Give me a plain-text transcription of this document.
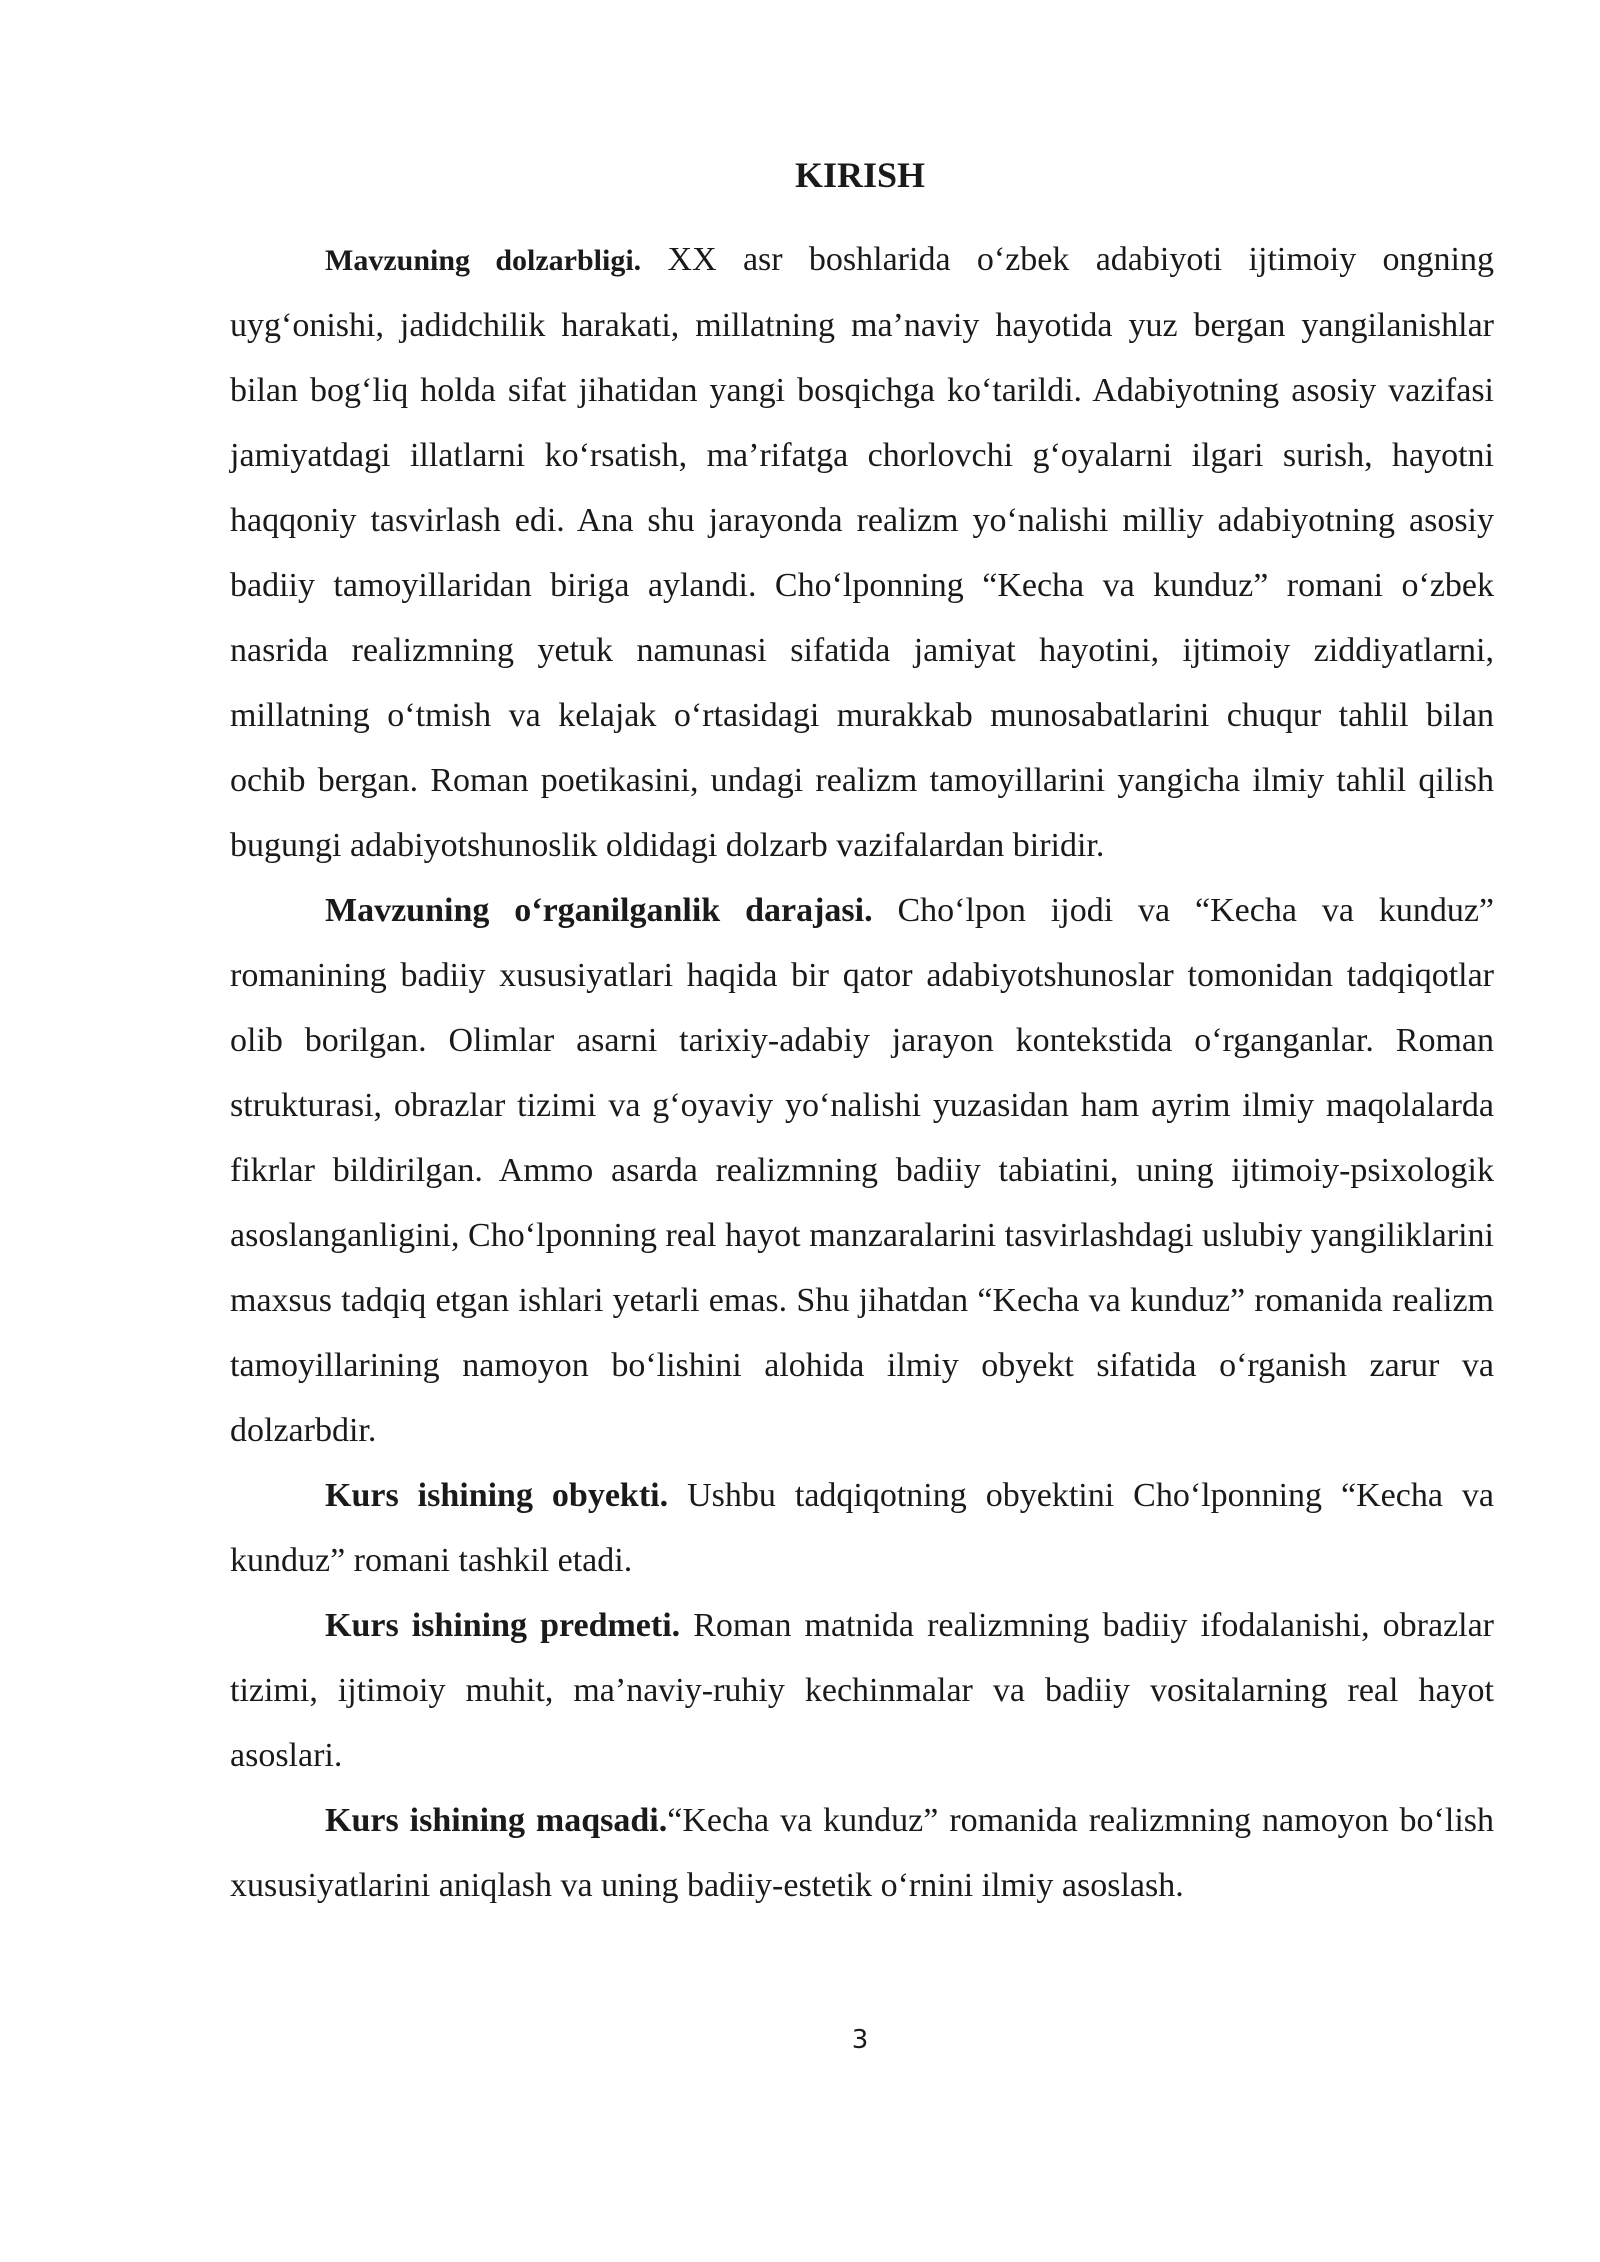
KIRISH

Mavzuning dolzarbligi. XX asr boshlarida o‘zbek adabiyoti ijtimoiy ongning uyg‘onishi, jadidchilik harakati, millatning ma’naviy hayotida yuz bergan yangilanishlar bilan bog‘liq holda sifat jihatidan yangi bosqichga ko‘tarildi. Adabiyotning asosiy vazifasi jamiyatdagi illatlarni ko‘rsatish, ma’rifatga chorlovchi g‘oyalarni ilgari surish, hayotni haqqoniy tasvirlash edi. Ana shu jarayonda realizm yo‘nalishi milliy adabiyotning asosiy badiiy tamoyillaridan biriga aylandi. Cho‘lponning “Kecha va kunduz” romani o‘zbek nasrida realizmning yetuk namunasi sifatida jamiyat hayotini, ijtimoiy ziddiyatlarni, millatning o‘tmish va kelajak o‘rtasidagi murakkab munosabatlarini chuqur tahlil bilan ochib bergan. Roman poetikasini, undagi realizm tamoyillarini yangicha ilmiy tahlil qilish bugungi adabiyotshunoslik oldidagi dolzarb vazifalardan biridir.

Mavzuning o‘rganilganlik darajasi. Cho‘lpon ijodi va “Kecha va kunduz” romanining badiiy xususiyatlari haqida bir qator adabiyotshunoslar tomonidan tadqiqotlar olib borilgan. Olimlar asarni tarixiy-adabiy jarayon kontekstida o‘rganganlar. Roman strukturasi, obrazlar tizimi va g‘oyaviy yo‘nalishi yuzasidan ham ayrim ilmiy maqolalarda fikrlar bildirilgan. Ammo asarda realizmning badiiy tabiatini, uning ijtimoiy-psixologik asoslanganligini, Cho‘lponning real hayot manzaralarini tasvirlashdagi uslubiy yangiliklarini maxsus tadqiq etgan ishlari yetarli emas. Shu jihatdan “Kecha va kunduz” romanida realizm tamoyillarining namoyon bo‘lishini alohida ilmiy obyekt sifatida o‘rganish zarur va dolzarbdir.

Kurs ishining obyekti. Ushbu tadqiqotning obyektini Cho‘lponning “Kecha va kunduz” romani tashkil etadi.

Kurs ishining predmeti. Roman matnida realizmning badiiy ifodalanishi, obrazlar tizimi, ijtimoiy muhit, ma’naviy-ruhiy kechinmalar va badiiy vositalarning real hayot asoslari.

Kurs ishining maqsadi.“Kecha va kunduz” romanida realizmning namoyon bo‘lish xususiyatlarini aniqlash va uning badiiy-estetik o‘rnini ilmiy asoslash.

3
